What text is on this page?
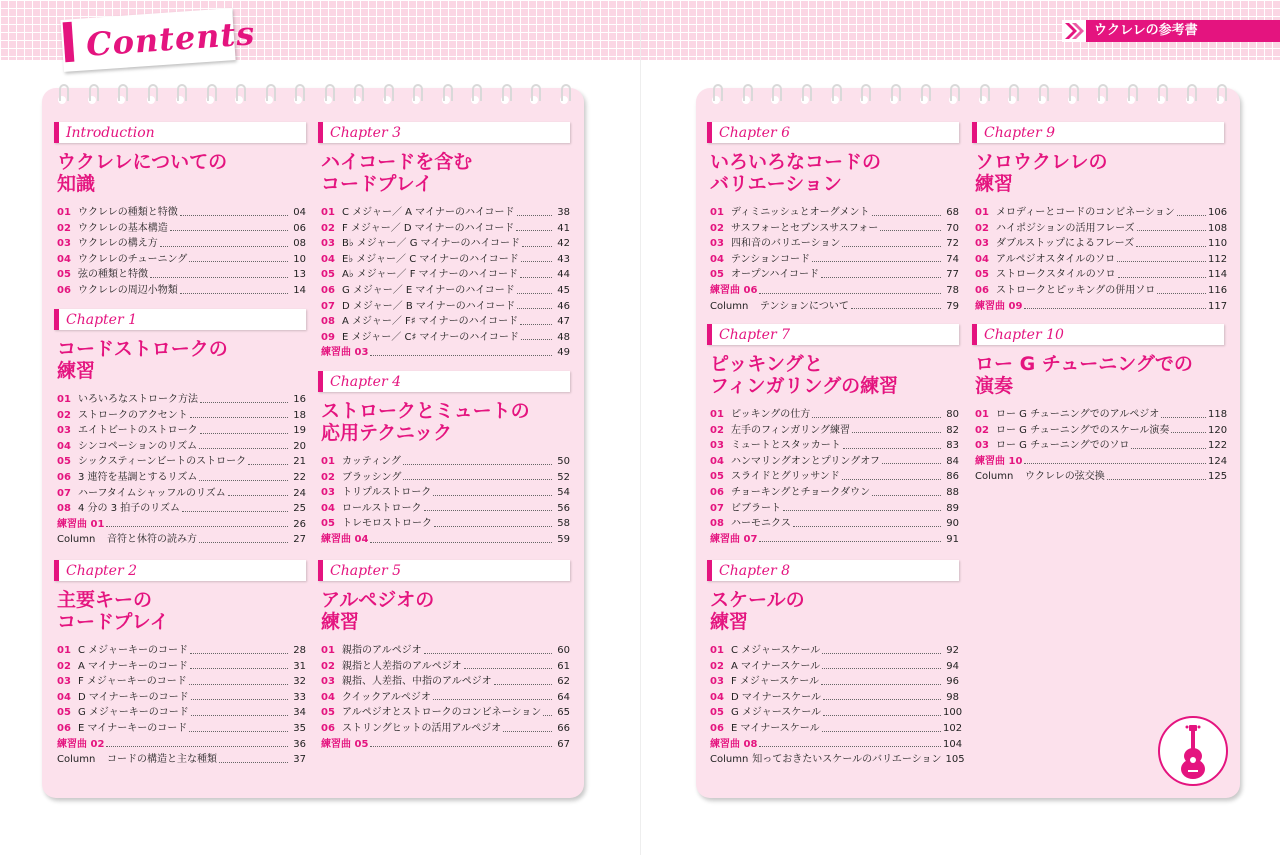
Contents	ウクレレの参考書
Introduction
ウクレレについての
知識
01 ウクレレの種類と特徴	04
02 ウクレレの基本構造	06
03 ウクレレの構え方	08
04 ウクレレのチューニング	10
05 弦の種類と特徴	13
06 ウクレレの周辺小物類	14
Chapter 1
コードストロークの
練習
01 いろいろなストローク方法	16
02 ストロークのアクセント	18
03 エイトビートのストローク	19
04 シンコペーションのリズム	20
05 シックスティーンビートのストローク	21
06 3 連符を基調とするリズム	22
07 ハーフタイムシャッフルのリズム	24
08 4 分の 3 拍子のリズム	25
練習曲 01	26
Column	音符と休符の読み方	27
Chapter 2
主要キーの
コードプレイ
01 C メジャーキーのコード	28
02 A マイナーキーのコード	31
03 F メジャーキーのコード	32
04 D マイナーキーのコード	33
05 G メジャーキーのコード	34
06 E マイナーキーのコード	35
練習曲 02	36
Column	コードの構造と主な種類	37
Chapter 3
ハイコードを含む
コードプレイ
01 C メジャー／ A マイナーのハイコード	38
02 F メジャー／ D マイナーのハイコード	41
03 B♭ メジャー／ G マイナーのハイコード	42
04 E♭ メジャー／ C マイナーのハイコード	43
05 A♭ メジャー／ F マイナーのハイコード	44
06 G メジャー／ E マイナーのハイコード	45
07 D メジャー／ B マイナーのハイコード	46
08 A メジャー／ F♯ マイナーのハイコード	47
09 E メジャー／ C♯ マイナーのハイコード	48
練習曲 03	49
Chapter 4
ストロークとミュートの
応用テクニック
01 カッティング	50
02 ブラッシング	52
03 トリプルストローク	54
04 ロールストローク	56
05 トレモロストローク	58
練習曲 04	59
Chapter 5
アルペジオの
練習
01 親指のアルペジオ	60
02 親指と人差指のアルペジオ	61
03 親指、人差指、中指のアルペジオ	62
04 クイックアルペジオ	64
05 アルペジオとストロークのコンビネーション	65
06 ストリングヒットの活用アルペジオ	66
練習曲 05	67
Chapter 6
いろいろなコードの
バリエーション
01 ディミニッシュとオーグメント	68
02 サスフォーとセブンスサスフォー	70
03 四和音のバリエーション	72
04 テンションコード	74
05 オープンハイコード	77
練習曲 06	78
Column	テンションについて	79
Chapter 7
ピッキングと
フィンガリングの練習
01 ピッキングの仕方	80
02 左手のフィンガリング練習	82
03 ミュートとスタッカート	83
04 ハンマリングオンとプリングオフ	84
05 スライドとグリッサンド	86
06 チョーキングとチョークダウン	88
07 ビブラート	89
08 ハーモニクス	90
練習曲 07	91
Chapter 8
スケールの
練習
01 C メジャースケール	92
02 A マイナースケール	94
03 F メジャースケール	96
04 D マイナースケール	98
05 G メジャースケール	100
06 E マイナースケール	102
練習曲 08	104
Column 知っておきたいスケールのバリエーション 105
Chapter 9
ソロウクレレの
練習
01 メロディーとコードのコンビネーション	106
02 ハイポジションの活用フレーズ	108
03 ダブルストップによるフレーズ	110
04 アルペジオスタイルのソロ	112
05 ストロークスタイルのソロ	114
06 ストロークとピッキングの併用ソロ	116
練習曲 09	117
Chapter 10
ロー G チューニングでの
演奏
01 ロー G チューニングでのアルペジオ	118
02 ロー G チューニングでのスケール演奏	120
03 ロー G チューニングでのソロ	122
練習曲 10	124
Column	ウクレレの弦交換	125
